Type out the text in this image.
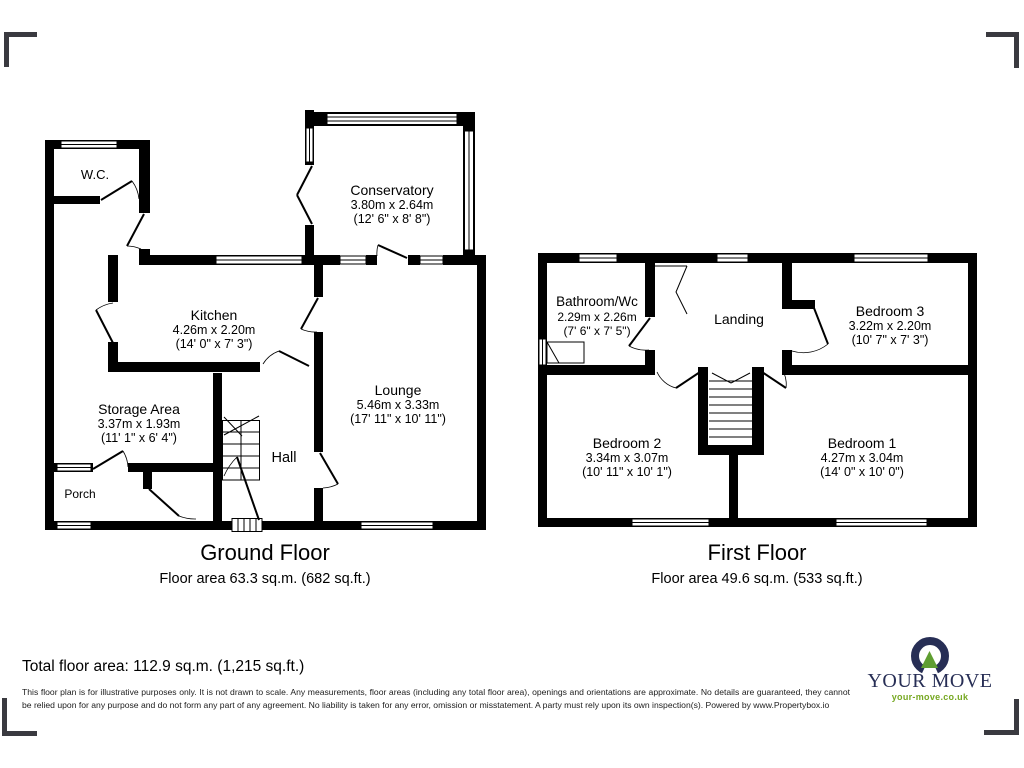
W.C.
Conservatory
3.80m x 2.64m
(12' 6" x 8' 8")
Kitchen
4.26m x 2.20m
(14' 0" x 7' 3")
Storage Area
3.37m x 1.93m
(11' 1" x 6' 4")
Lounge
5.46m x 3.33m
(17' 11" x 10' 11")
Hall
Porch
Bathroom/Wc
2.29m x 2.26m
(7' 6" x 7' 5")
Landing	Bedroom 3
3.22m x 2.20m
(10' 7" x 7' 3")
Bedroom 2
3.34m x 3.07m
(10' 11" x 10' 1")
Bedroom 1
4.27m x 3.04m
(14' 0" x 10' 0")
Ground Floor
Floor area 63.3 sq.m. (682 sq.ft.)
First Floor
Floor area 49.6 sq.m. (533 sq.ft.)
Total floor area: 112.9 sq.m. (1,215 sq.ft.)
This floor plan is for illustrative purposes only. It is not drawn to scale. Any measurements, floor areas (including any total floor area), openings and orientations are approximate. No details are guaranteed, they cannot be relied upon for any purpose and do not form any part of any agreement. No liability is taken for any error, omission or misstatement. A party must rely upon its own inspection(s). Powered by www.Propertybox.io
YOUR MOVE
your-move.co.uk
